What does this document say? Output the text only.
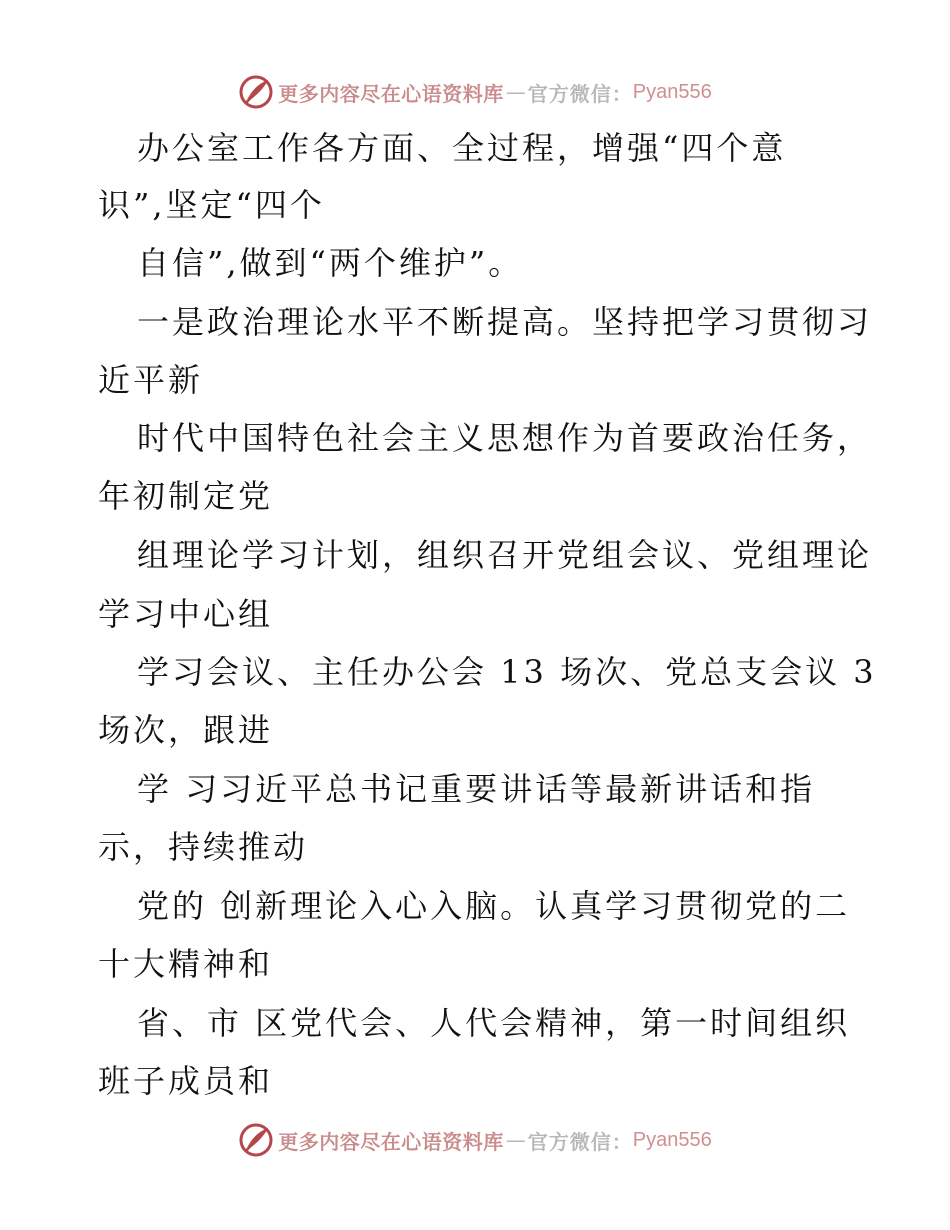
更多内容尽在心语资料库 — 官方微信： Pyan556
办公室工作各方面、全过程，增强“四个意
识”,坚定“四个
自信”,做到“两个维护”。
一是政治理论水平不断提高。坚持把学习贯彻习
近平新
时代中国特色社会主义思想作为首要政治任务，
年初制定党
组理论学习计划，组织召开党组会议、党组理论
学习中心组
学习会议、主任办公会 13 场次、党总支会议 3
场次，跟进
学 习习近平总书记重要讲话等最新讲话和指
示，持续推动
党的 创新理论入心入脑。认真学习贯彻党的二
十大精神和
省、市 区党代会、人代会精神，第一时间组织
班子成员和
更多内容尽在心语资料库 — 官方微信： Pyan556
